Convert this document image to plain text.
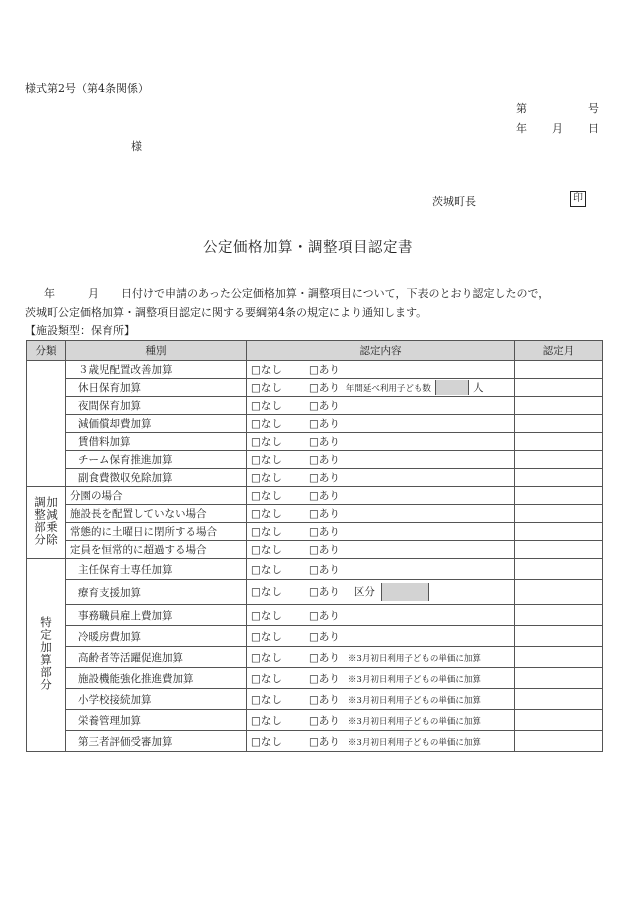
様式第2号（第4条関係）
第	号
年 月 日
様
茨城町長	印
公定価格加算・調整項目認定書
年　　　月　　日付けで申請のあった公定価格加算・調整項目について，下表のとおり認定したので，
茨城町公定価格加算・調整項目認定に関する要綱第4条の規定により通知します。
【施設類型：保育所】
分類	種別	認定内容	認定月
	３歳児配置改善加算	□なし □あり	
	休日保育加算	□なし □あり 年間延べ利用子ども数 人	
	夜間保育加算	□なし □あり	
	減価償却費加算	□なし □あり	
	賃借料加算	□なし □あり	
	チーム保育推進加算	□なし □あり	
	副食費徴収免除加算	□なし □あり	
調整部分加減乗除	分園の場合	□なし □あり	
	施設長を配置していない場合	□なし □あり	
	常態的に土曜日に閉所する場合	□なし □あり	
	定員を恒常的に超過する場合	□なし □あり	
特定加算部分	主任保育士専任加算	□なし □あり	
	療育支援加算	□なし □あり 区分	
	事務職員雇上費加算	□なし □あり	
	冷暖房費加算	□なし □あり	
	高齢者等活躍促進加算	□なし □あり ※3月初日利用子どもの単価に加算	
	施設機能強化推進費加算	□なし □あり ※3月初日利用子どもの単価に加算	
	小学校接続加算	□なし □あり ※3月初日利用子どもの単価に加算	
	栄養管理加算	□なし □あり ※3月初日利用子どもの単価に加算	
	第三者評価受審加算	□なし □あり ※3月初日利用子どもの単価に加算	
